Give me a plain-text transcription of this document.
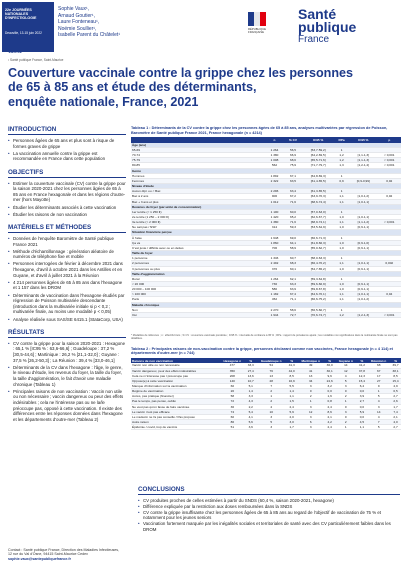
22e JOURNÉES NATIONALES D'INFECTIOLOGIE
Deauville, 13-15 juin 2022
VAC-02
Sophie Vaux¹,
Arnaud Goutier¹,
Laure Fonteneau¹,
Noémie Soullier¹,
Isabelle Parent du Châtelet¹
RÉPUBLIQUE FRANÇAISE
Santé
publique
France
¹ Santé publique France, Saint-Maurice
Couverture vaccinale contre la grippe chez les personnes
de 65 à 85 ans et étude des déterminants,
enquête nationale, France, 2021
INTRODUCTION
• Personnes âgées de 65 ans et plus sont à risque de formes graves de grippe
• La vaccination annuelle contre la grippe est recommandée en France dans cette population
OBJECTIFS
• Estimer la couverture vaccinale (CV) contre la grippe pour la saison 2020-2021 chez les personnes âgées de 65 à 85 ans en France hexagonale et dans les régions d'outre-mer (hors Mayotte)
• Étudier les déterminants associés à cette vaccination
• Étudier les raisons de non vaccination
MATÉRIELS ET MÉTHODES
• Données de l'enquête Baromètre de Santé publique France 2021
• Méthode d'échantillonnage : génération aléatoire de numéros de téléphone fixe et mobile
• Personnes interrogées de février à décembre 2021 dans l'hexagone, d'avril à octobre 2021 dans les Antilles et en Guyane, et d'avril à juillet 2021 à la Réunion
• 4 214 personnes âgées de 65 à 85 ans dans l'hexagone et 1 157 dans les DROM
• Déterminants de vaccination dans l'hexagone étudiés par régression de Poisson multivariée descendante (introduction dans la multivariée initiale si p < 0,2 ; multivariée finale, au moins une modalité p < 0,05)
• Analyse réalisée sous SAS/SE 6415.1 (StataCorp, USA)
RÉSULTATS
• CV contre la grippe pour la saison 2020-2021 : Hexagone : 65,1 % [IC95 % : 63,6-66,6] ; Guadeloupe : 37,2 % [30,5-44,6] ; Martinique : 26,2 % [21,1-32,0] ; Guyane : 37,5 % [26,2-50,3] ; La Réunion : 39,4 % [33,0-46,1]
• Déterminants de la CV dans l'hexagone : l'âge, le genre, le niveau d'étude, les revenus du foyer, la taille du foyer, la taille d'agglomération, le fait d'avoir une maladie chronique (Tableau 1)
• Principales raisons de non vaccination : Vaccin non utile ou non nécessaire ; vaccin dangereux ou peur des effets indésirables ; cela ne l'intéresse pas ou ne la/le préoccupe pas, opposé à cette vaccination. Il existe des différences entre les réponses données dans l'hexagone et les départements d'outre-mer (Tableau 2)
Contact : Santé publique France, Direction des Maladies Infectieuses,
12 rue du Val d'Osne, 94415 Saint-Maurice Cedex
sophie.vaux@santepubliquefrance.fr
Tableau 1 : Déterminants de la CV contre la grippe chez les personnes âgées de 65 à 85 ans, analyses multivariées par régression de Poisson, Baromètre de Santé publique France 2021, France hexagonale (n = 4214)
	n	% CV	IC95 %	RPa	IC95 %	p
Âge (ans)						
65-69	1 264	56,5	[53,7-59,2]	1		
70-74	1 380	66,9	[64,2-69,5]	1,2	[1,1-1,3]	< 0,001
75-79	1 008	68,6	[65,5-71,6]	1,2	[1,1-1,3]	< 0,001
80-85	562	75,9	[71,7-79,7]	1,3	[1,2-1,4]	< 0,001
Genre						
Hommes	1 892	67,1	[64,8-69,3]	1		
Femmes	2 322	63,5	[61,4-65,5]	0,9	[0,9-0,99]	0,02
Niveau d'étude						
Aucun dipl. ou < Bac	2 296	63,4	[61,3-65,5]	1		
Bac à 2 ans	906	67,2	[63,9-70,3]	1,1	[1,0-1,2]	0,02
Bac + 3 ans et plus	1 012	71,6	[68,6-74,4]	1,1	[1,0-1,1]	
Revenus du foyer (par unité de consommation)						
1er tercile (< 1 250 €)	1 100	60,0	[57,0-63,0]	1		
2e tercile (1 250 – 2 000 €)	1 420	65,2	[62,6-67,7]	1,0	[1,0-1,1]	
3e tercile (> 2 000 €)	1 380	71,6	[68,9-74,1]	1,1	[1,1-1,2]	< 0,001
Ne sait pas / NSP	314	59,3	[53,5-64,9]	1,0	[0,9-1,1]	
Situation financière perçue						
À l'aise	1 648	69,0	[66,6-71,3]	1		
Ça va	1 860	64,1	[61,8-66,3]	1,0	[0,9-1,0]	
C'est juste / difficile avec ou en dettes	706	58,9	[55,0-62,7]	1,0	[0,9-1,1]	
Taille du foyer						
1 personne	1 346	60,7	[58,0-63,3]	1		
2 personnes	2 492	68,3	[66,4-70,2]	1,1	[1,0-1,1]	0,002
3 personnes ou plus	376	60,1	[54,7-65,2]	1,0	[0,9-1,1]	
Taille d'agglomération						
Rural	1 264	62,1	[59,3-64,8]	1		
< 20 000	736	63,3	[59,6-66,9]	1,0	[0,9-1,1]	
20 000 – 100 000	580	63,9	[59,8-67,8]	1,0	[0,9-1,1]	
> 100 000	1 182	67,4	[64,6-70,1]	1,1	[1,0-1,1]	0,04
Paris	452	71,1	[66,6-75,2]	1,1	[1,0-1,2]	
Maladie chronique						
Non	2 270	58,6	[56,5-60,7]	1		
Oui	1 944	72,7	[70,6-74,7]	1,2	[1,2-1,3]	< 0,001
* Modalités de référence ; n : effectifs bruts ; % CV : couverture vaccinale pondérée ; IC95 % : intervalle de confiance à 95 % ; RPa : rapport de prévalence ajusté ; les modalités non significatives dans la multivariée finale ne sont pas détaillées.
Tableau 2 : Principales raisons de non-vaccination contre la grippe, personnes déclarant comme non vaccinées, France hexagonale (n = 4 114) et départements d'outre-mer (n = 744)
Raisons de non vaccination	Hexagone n	%	Guadeloupe n	%	Martinique n	%	Guyane n	%	Réunion n	%
Vaccin non utile ou non nécessaire	477	33,3	54	41,3	49	36,0	14	41,2	68	39,7
Vaccin dangereux, peur des effets indésirables	350	27,4	76	44,0	41	30,1	12	37,8	67	38,1
Cela ne m'intéresse pas / préoccupe pas	208	13,6	13	8,5	13	9,6	4	12,3	17	8,5
Opposé(e) à cette vaccination	140	10,7	28	16,9	34	24,6	5	15,4	27	15,4
Manque d'information sur la vaccination	60	5,1	7	5,5	3	3,2	3	6,4	9	4,9
Régime de vaccination	20	1,4	2	1,4	0	0,0	0	0,0	1	0,5
Accès, pas pratique (financier)	58	3,3	1	1,1	2	1,6	2	3,9	5	2,7
Pas le temps, pas pensé, oublié	72	4,3	2	1,5	1	0,8	1	2,7	4	2,6
Ne veut pas qu'on fasse de faire vaccinée	36	2,2	4	2,4	3	2,4	0	0,0	3	1,7
Le vaccin n'est pas efficace	74	5,4	10	5,9	12	8,6	3	5,9	14	7,4
Le médecin ne l'a pas conseillé / Pas proposé	60	4,1	3	2,0	3	2,1	0	0,0	4	2,1
Autre raison	86	5,6	5	3,0	6	4,2	2	4,5	7	4,0
Épidémie / covid, trop de vaccins	51	3,6	3	1,7	3	2,4	1	1,1	5	2,7
CONCLUSIONS
• CV produites proches de celles estimées à partir du SNDS (60,4 %, saison 2020-2021, hexagone)
• Différence expliquée par la restriction aux doses remboursées dans la SNDS
• CV contre la grippe insuffisante chez les personnes âgées de 65 à 85 ans au regard de l'objectif de vaccination de 75 % et notamment pour les jeunes seniors
• Vaccination fortement marquée par les inégalités sociales et territoriales de santé avec des CV particulièrement faibles dans les DROM
